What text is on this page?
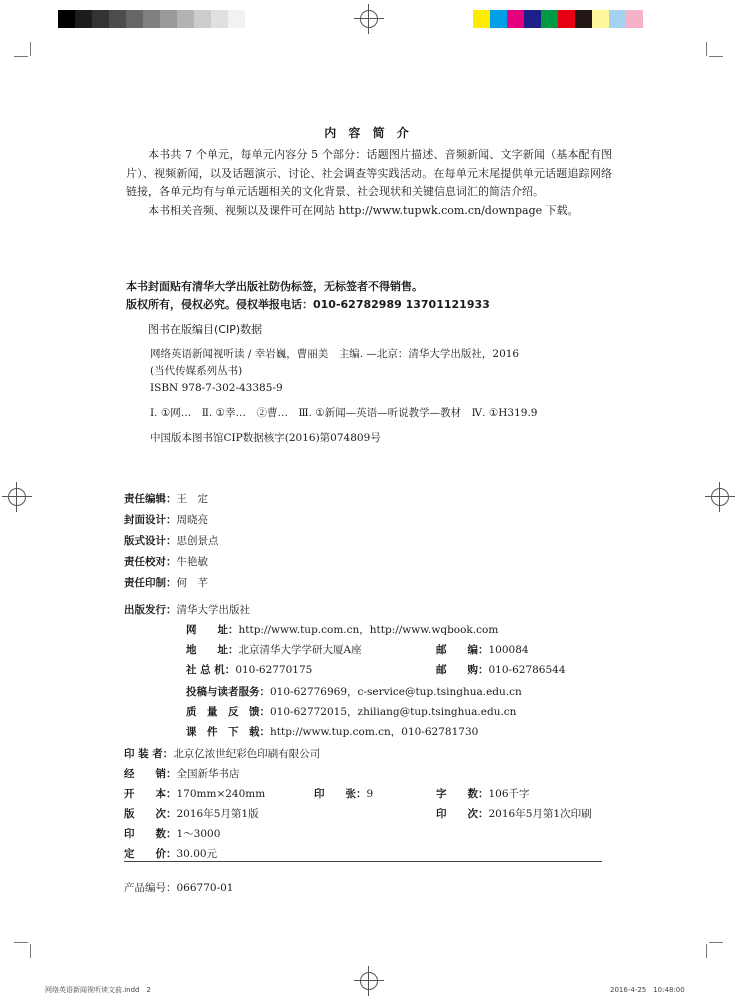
内 容 简 介

本书共 7 个单元，每单元内容分 5 个部分：话题图片描述、音频新闻、文字新闻（基本配有图片）、视频新闻，以及话题演示、讨论、社会调查等实践活动。在每单元末尾提供单元话题追踪网络链接，各单元均有与单元话题相关的文化背景、社会现状和关键信息词汇的简洁介绍。

本书相关音频、视频以及课件可在网站 http://www.tupwk.com.cn/downpage 下载。

本书封面贴有清华大学出版社防伪标签，无标签者不得销售。
版权所有，侵权必究。侵权举报电话：010-62782989 13701121933
图书在版编目(CIP)数据
网络英语新闻视听读 / 幸岩巍，曹丽美　主编. —北京：清华大学出版社，2016
(当代传媒系列丛书)
ISBN 978-7-302-43385-9
Ⅰ. ①网…　Ⅱ. ①幸…　②曹…　Ⅲ. ①新闻—英语—听说教学—教材　Ⅳ. ①H319.9
中国版本图书馆CIP数据核字(2016)第074809号
责任编辑：王　定
封面设计：周晓亮
版式设计：思创景点
责任校对：牛艳敏
责任印制：何　芊
出版发行：清华大学出版社
网　　址：http://www.tup.com.cn，http://www.wqbook.com
地　　址：北京清华大学学研大厦A座	邮　　编：100084
社 总 机：010-62770175	邮　　购：010-62786544
投稿与读者服务：010-62776969，c-service@tup.tsinghua.edu.cn
质　量　反　馈：010-62772015，zhiliang@tup.tsinghua.edu.cn
课　件　下　载：http://www.tup.com.cn，010-62781730
印 装 者：北京亿浓世纪彩色印刷有限公司
经　　销：全国新华书店
开　　本：170mm×240mm	印　　张：9	字　　数：106千字
版　　次：2016年5月第1版	印　　次：2016年5月第1次印刷
印　　数：1～3000
定　　价：30.00元
产品编号：066770-01
网络英语新闻视听读文前.indd　2	2016-4-25　10:48:00
